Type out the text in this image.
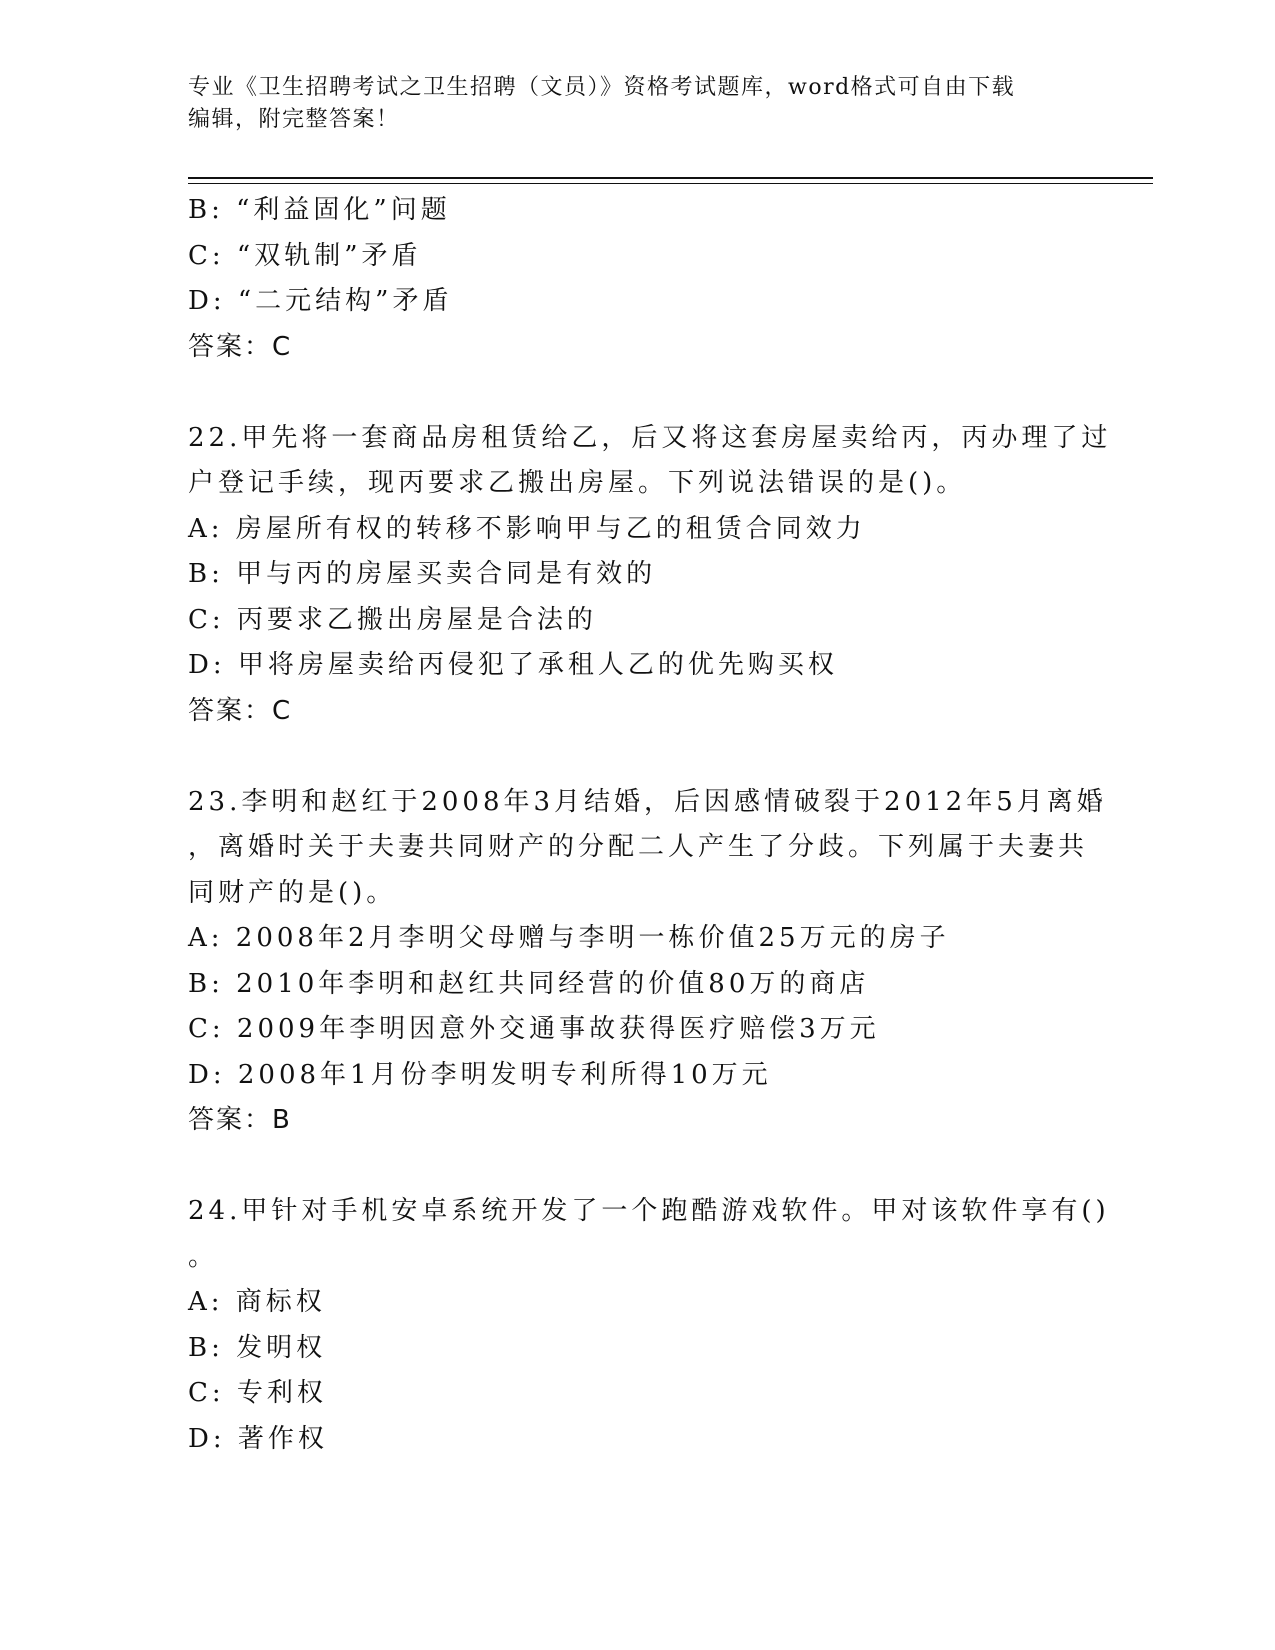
专业《卫生招聘考试之卫生招聘（文员）》资格考试题库，word格式可自由下载
编辑，附完整答案！
B: “利益固化”问题
C: “双轨制”矛盾
D: “二元结构”矛盾
答案：C
22.甲先将一套商品房租赁给乙，后又将这套房屋卖给丙，丙办理了过
户登记手续，现丙要求乙搬出房屋。下列说法错误的是()。
A: 房屋所有权的转移不影响甲与乙的租赁合同效力
B: 甲与丙的房屋买卖合同是有效的
C: 丙要求乙搬出房屋是合法的
D: 甲将房屋卖给丙侵犯了承租人乙的优先购买权
答案：C
23.李明和赵红于2008年3月结婚，后因感情破裂于2012年5月离婚
，离婚时关于夫妻共同财产的分配二人产生了分歧。下列属于夫妻共
同财产的是()。
A: 2008年2月李明父母赠与李明一栋价值25万元的房子
B: 2010年李明和赵红共同经营的价值80万的商店
C: 2009年李明因意外交通事故获得医疗赔偿3万元
D: 2008年1月份李明发明专利所得10万元
答案：B
24.甲针对手机安卓系统开发了一个跑酷游戏软件。甲对该软件享有()
。
A: 商标权
B: 发明权
C: 专利权
D: 著作权
